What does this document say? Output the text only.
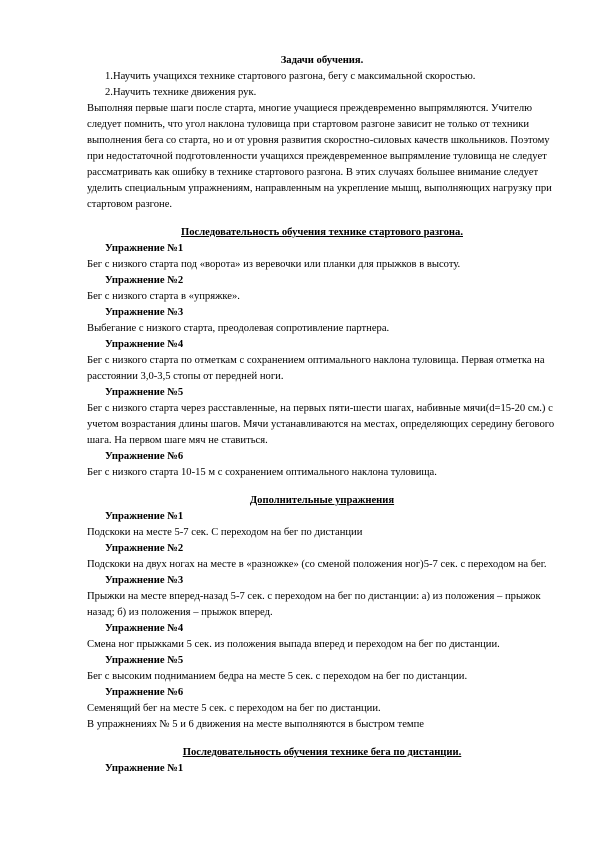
Задачи обучения.
1.Научить учащихся технике стартового разгона, бегу с максимальной скоростью.
2.Научить технике движения рук.
Выполняя первые шаги после старта, многие учащиеся преждевременно выпрямляются. Учителю следует помнить, что угол наклона туловища при стартовом разгоне зависит не только от техники выполнения бега со старта, но и от уровня развития скоростно-силовых качеств школьников. Поэтому при недостаточной подготовленности учащихся преждевременное выпрямление туловища не следует рассматривать как ошибку в технике стартового разгона. В этих случаях большее внимание следует уделить специальным упражнениям, направленным на укрепление мышц, выполняющих нагрузку при стартовом разгоне.
Последовательность обучения технике стартового разгона.
Упражнение №1
Бег с низкого старта под «ворота» из веревочки или планки для прыжков в высоту.
Упражнение №2
Бег с низкого старта в «упряжке».
Упражнение №3
Выбегание с низкого старта, преодолевая сопротивление партнера.
Упражнение №4
Бег с низкого старта по отметкам с сохранением оптимального наклона туловища. Первая отметка на расстоянии 3,0-3,5 стопы от передней ноги.
Упражнение №5
Бег с низкого старта через расставленные, на первых пяти-шести шагах, набивные мячи(d=15-20 см.) с учетом возрастания длины шагов. Мячи устанавливаются на местах, определяющих середину бегового шага. На первом шаге мяч не ставиться.
Упражнение №6
Бег с низкого старта 10-15 м с сохранением оптимального наклона туловища.
Дополнительные упражнения
Упражнение №1
Подскоки на месте 5-7 сек. С переходом на бег по дистанции
Упражнение №2
Подскоки на двух ногах на месте в «разножке» (со сменой положения ног)5-7 сек. с переходом на бег.
Упражнение №3
Прыжки на месте вперед-назад 5-7 сек. с переходом на бег по дистанции: а) из положения – прыжок назад; б) из положения – прыжок вперед.
Упражнение №4
Смена ног прыжками 5 сек. из положения выпада вперед и переходом на бег по дистанции.
Упражнение №5
Бег с высоким подниманием бедра на месте 5 сек. с переходом на бег по дистанции.
Упражнение №6
Семенящий бег на месте 5 сек. с переходом на бег по дистанции.
В упражнениях № 5 и 6 движения на месте выполняются в быстром темпе
Последовательность обучения технике бега по дистанции.
Упражнение №1
